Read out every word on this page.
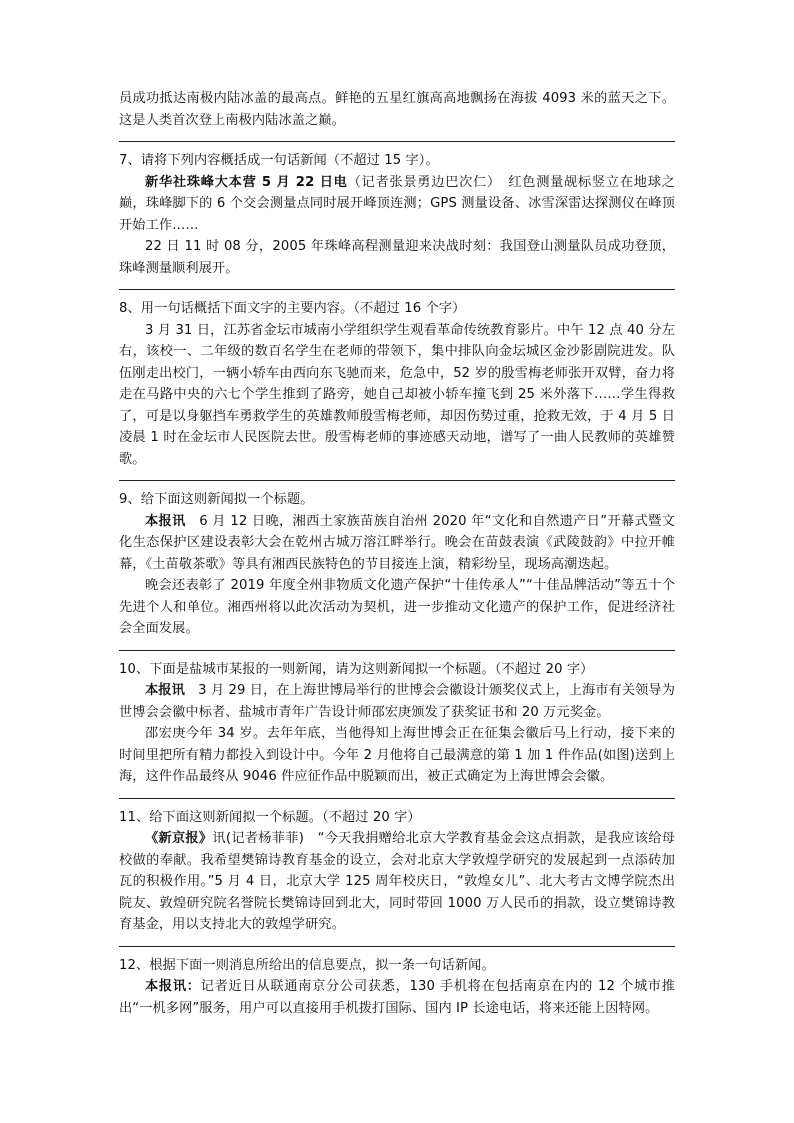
员成功抵达南极内陆冰盖的最高点。鲜艳的五星红旗高高地飘扬在海拔 4093 米的蓝天之下。这是人类首次登上南极内陆冰盖之巅。

7、请将下列内容概括成一句话新闻（不超过 15 字）。

新华社珠峰大本营 5 月 22 日电（记者张景勇边巴次仁）　红色测量觇标竖立在地球之巅，珠峰脚下的 6 个交会测量点同时展开峰顶连测；GPS 测量设备、冰雪深雷达探测仪在峰顶开始工作……

22 日 11 时 08 分，2005 年珠峰高程测量迎来决战时刻：我国登山测量队员成功登顶，珠峰测量顺利展开。

8、用一句话概括下面文字的主要内容。（不超过 16 个字）

3 月 31 日，江苏省金坛市城南小学组织学生观看革命传统教育影片。中午 12 点 40 分左右，该校一、二年级的数百名学生在老师的带领下，集中排队向金坛城区金沙影剧院进发。队伍刚走出校门，一辆小轿车由西向东飞驰而来，危急中，52 岁的殷雪梅老师张开双臂，奋力将走在马路中央的六七个学生推到了路旁，她自己却被小轿车撞飞到 25 米外落下……学生得救了，可是以身躯挡车勇救学生的英雄教师殷雪梅老师，却因伤势过重，抢救无效，于 4 月 5 日凌晨 1 时在金坛市人民医院去世。殷雪梅老师的事迹感天动地，谱写了一曲人民教师的英雄赞歌。

9、给下面这则新闻拟一个标题。

本报讯　6 月 12 日晚，湘西土家族苗族自治州 2020 年“文化和自然遗产日”开幕式暨文化生态保护区建设表彰大会在乾州古城万溶江畔举行。晚会在苗鼓表演《武陵鼓韵》中拉开帷幕，《土苗敬茶歌》等具有湘西民族特色的节目接连上演，精彩纷呈，现场高潮迭起。

晚会还表彰了 2019 年度全州非物质文化遗产保护“十佳传承人”“十佳品牌活动”等五十个先进个人和单位。湘西州将以此次活动为契机，进一步推动文化遗产的保护工作，促进经济社会全面发展。

10、下面是盐城市某报的一则新闻，请为这则新闻拟一个标题。（不超过 20 字）

本报讯　3 月 29 日，在上海世博局举行的世博会会徽设计颁奖仪式上，上海市有关领导为世博会会徽中标者、盐城市青年广告设计师邵宏庚颁发了获奖证书和 20 万元奖金。

邵宏庚今年 34 岁。去年年底，当他得知上海世博会正在征集会徽后马上行动，接下来的时间里把所有精力都投入到设计中。今年 2 月他将自己最满意的第 1 加 1 件作品(如图)送到上海，这件作品最终从 9046 件应征作品中脱颖而出，被正式确定为上海世博会会徽。

11、给下面这则新闻拟一个标题。（不超过 20 字）

《新京报》讯(记者杨菲菲)　“今天我捐赠给北京大学教育基金会这点捐款，是我应该给母校做的奉献。我希望樊锦诗教育基金的设立，会对北京大学敦煌学研究的发展起到一点添砖加瓦的积极作用。”5 月 4 日，北京大学 125 周年校庆日，“敦煌女儿”、北大考古文博学院杰出院友、敦煌研究院名誉院长樊锦诗回到北大，同时带回 1000 万人民币的捐款，设立樊锦诗教育基金，用以支持北大的敦煌学研究。

12、根据下面一则消息所给出的信息要点，拟一条一句话新闻。

本报讯：记者近日从联通南京分公司获悉，130 手机将在包括南京在内的 12 个城市推出“一机多网”服务，用户可以直接用手机拨打国际、国内 IP 长途电话，将来还能上因特网。
